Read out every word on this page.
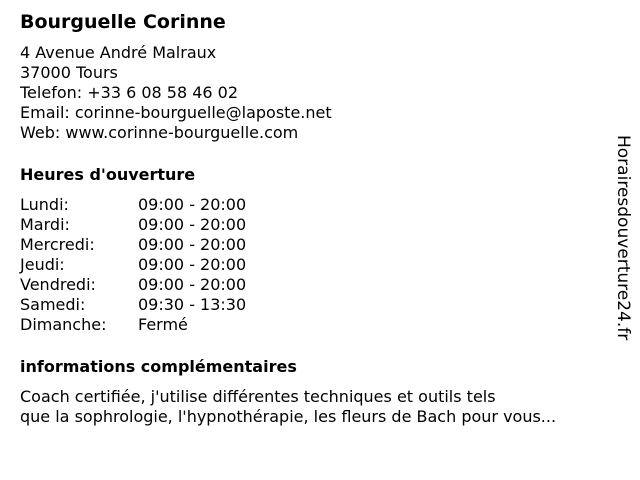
Bourguelle Corinne
4 Avenue André Malraux
37000 Tours
Telefon: +33 6 08 58 46 02
Email: corinne-bourguelle@laposte.net
Web: www.corinne-bourguelle.com
Heures d'ouverture
Lundi:	09:00 - 20:00
Mardi:	09:00 - 20:00
Mercredi:	09:00 - 20:00
Jeudi:	09:00 - 20:00
Vendredi:	09:00 - 20:00
Samedi:	09:30 - 13:30
Dimanche: Fermé
informations complémentaires
Coach certifiée, j'utilise différentes techniques et outils tels
que la sophrologie, l'hypnothérapie, les fleurs de Bach pour vous...
Horairesdouverture24.fr
